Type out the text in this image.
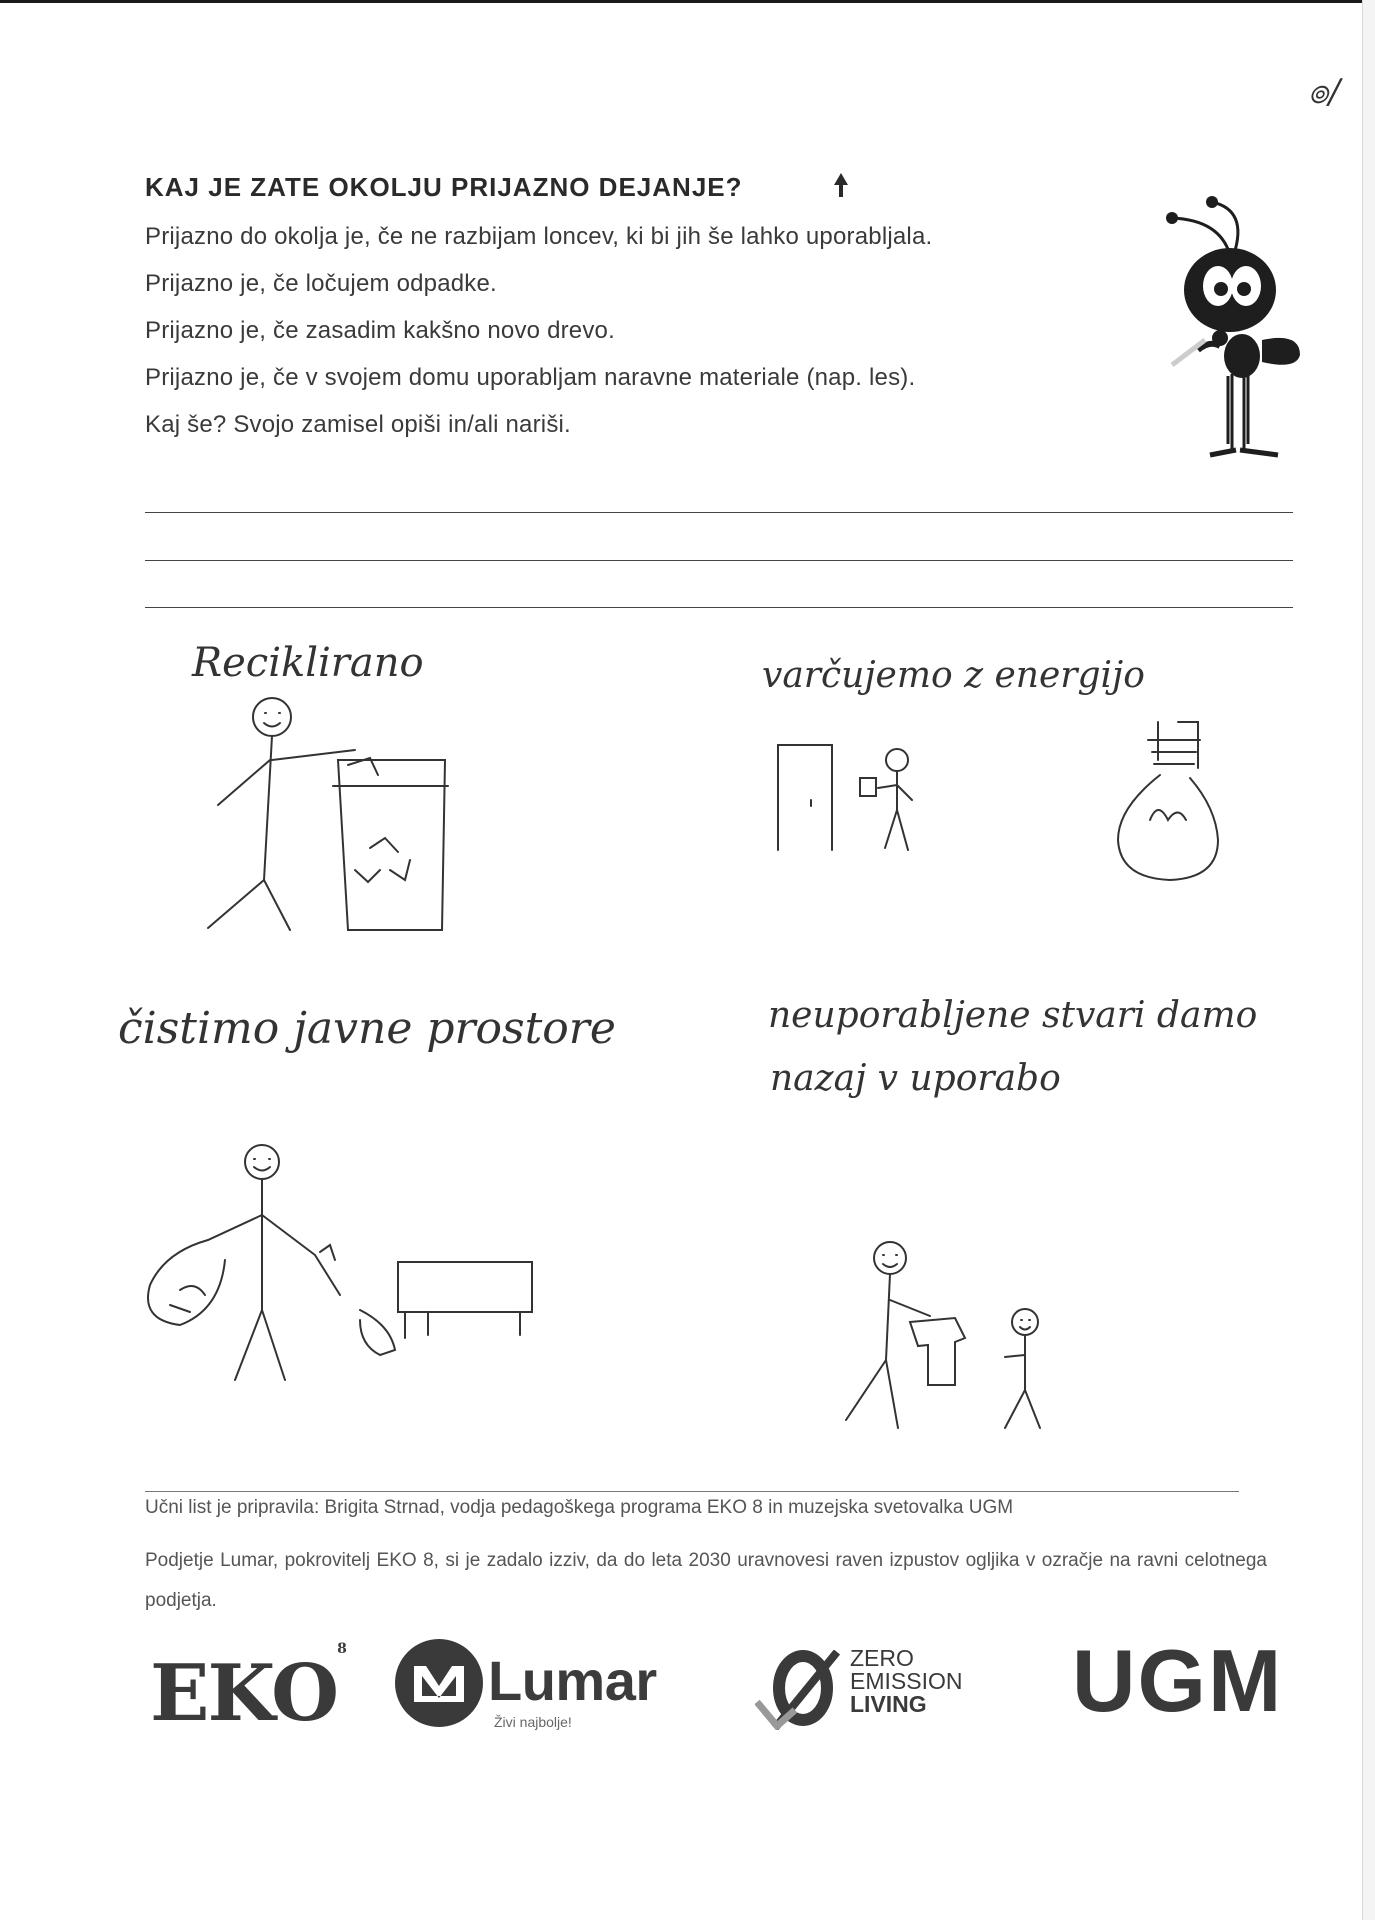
๏/
KAJ JE ZATE OKOLJU PRIJAZNO DEJANJE?

Prijazno do okolja je, če ne razbijam loncev, ki bi jih še lahko uporabljala.

Prijazno je, če ločujem odpadke.

Prijazno je, če zasadim kakšno novo drevo.

Prijazno je, če v svojem domu uporabljam naravne materiale (nap. les).

Kaj še? Svojo zamisel opiši in/ali nariši.

Reciklirano	varčujemo z energijo
čistimo javne prostore	neuporabljene stvari damo
nazaj v uporabo
Učni list je pripravila: Brigita Strnad, vodja pedagoškega programa EKO 8 in muzejska svetovalka UGM
Podjetje Lumar, pokrovitelj EKO 8, si je zadalo izziv, da do leta 2030 uravnovesi raven izpustov ogljika v ozračje na ravni celotnega podjetja.
EKO$^8$	Lumar
Živi najbolje!
ZERO
EMISSION
LIVING	UGM
